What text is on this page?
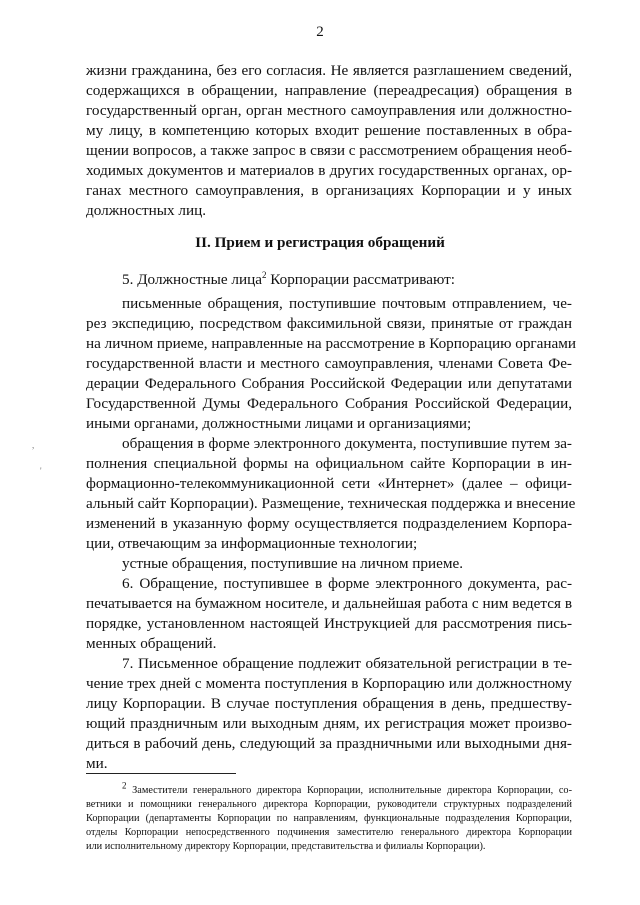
2
жизни гражданина, без его согласия. Не является разглашением сведений,
содержащихся в обращении, направление (переадресация) обращения в
государственный орган, орган местного самоуправления или должностно-
му лицу, в компетенцию которых входит решение поставленных в обра-
щении вопросов, а также запрос в связи с рассмотрением обращения необ-
ходимых документов и материалов в других государственных органах, ор-
ганах местного самоуправления, в организациях Корпорации и у иных
должностных лиц.
II. Прием и регистрация обращений
5. Должностные лица$^2$ Корпорации рассматривают:
письменные обращения, поступившие почтовым отправлением, че-
рез экспедицию, посредством факсимильной связи, принятые от граждан
на личном приеме, направленные на рассмотрение в Корпорацию органами
государственной власти и местного самоуправления, членами Совета Фе-
дерации Федерального Собрания Российской Федерации или депутатами
Государственной Думы Федерального Собрания Российской Федерации,
иными органами, должностными лицами и организациями;
обращения в форме электронного документа, поступившие путем за-
полнения специальной формы на официальном сайте Корпорации в ин-
формационно-телекоммуникационной сети «Интернет» (далее – офици-
альный сайт Корпорации). Размещение, техническая поддержка и внесение
изменений в указанную форму осуществляется подразделением Корпора-
ции, отвечающим за информационные технологии;
устные обращения, поступившие на личном приеме.
6. Обращение, поступившее в форме электронного документа, рас-
печатывается на бумажном носителе, и дальнейшая работа с ним ведется в
порядке, установленном настоящей Инструкцией для рассмотрения пись-
менных обращений.
7. Письменное обращение подлежит обязательной регистрации в те-
чение трех дней с момента поступления в Корпорацию или должностному
лицу Корпорации. В случае поступления обращения в день, предшеству-
ющий праздничным или выходным дням, их регистрация может произво-
диться в рабочий день, следующий за праздничными или выходными дня-
ми.
$^2$ Заместители генерального директора Корпорации, исполнительные директора Корпорации, со-
ветники и помощники генерального директора Корпорации, руководители структурных подразделений
Корпорации (департаменты Корпорации по направлениям, функциональные подразделения Корпорации,
отделы Корпорации непосредственного подчинения заместителю генерального директора Корпорации
или исполнительному директору Корпорации, представительства и филиалы Корпорации).
,
'
